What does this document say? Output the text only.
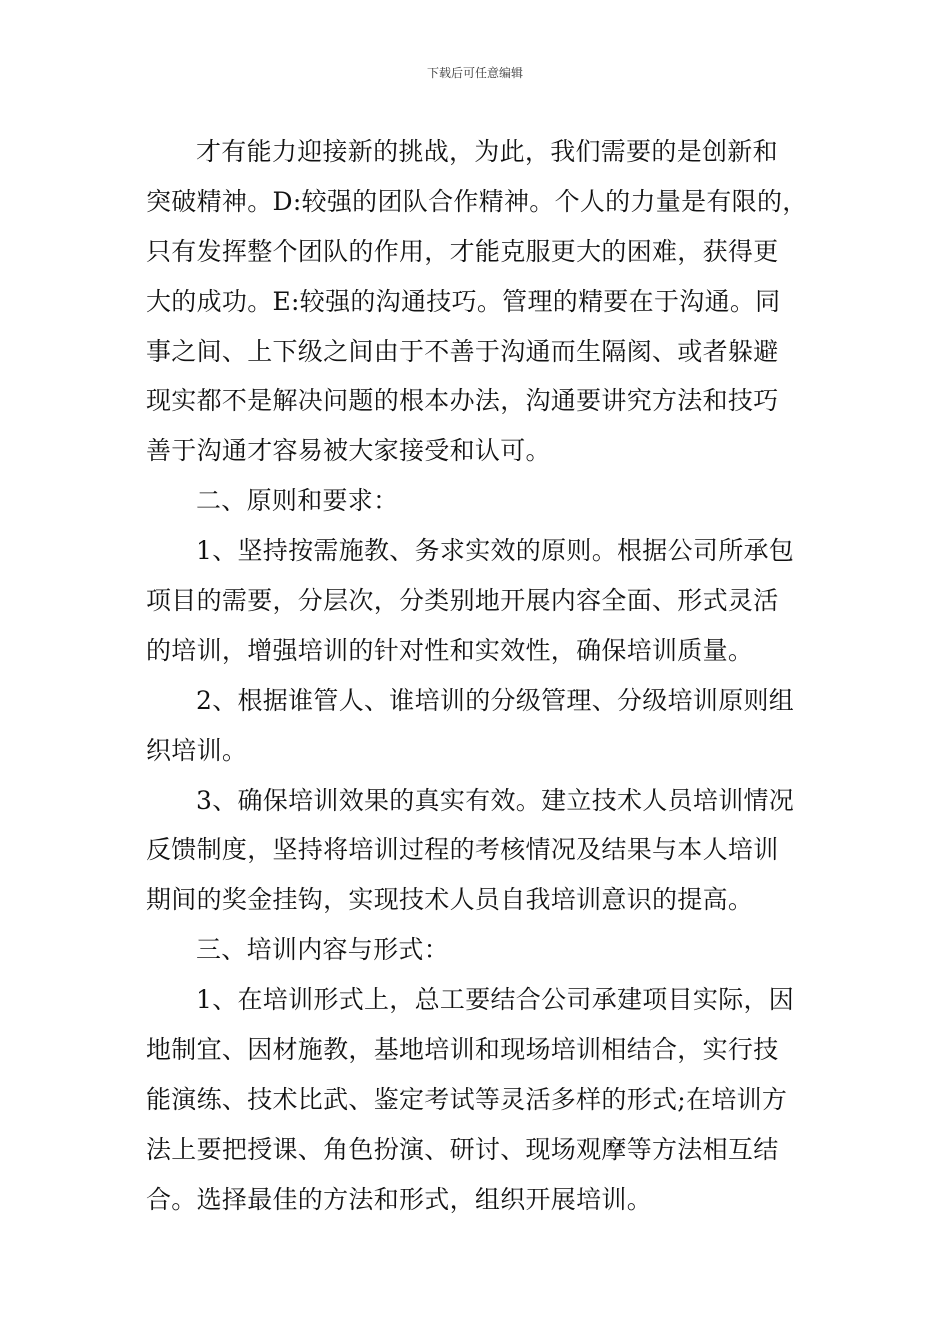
下载后可任意编辑
才有能力迎接新的挑战，为此，我们需要的是创新和
突破精神。D:较强的团队合作精神。个人的力量是有限的，
只有发挥整个团队的作用，才能克服更大的困难，获得更
大的成功。E:较强的沟通技巧。管理的精要在于沟通。同
事之间、上下级之间由于不善于沟通而生隔阂、或者躲避
现实都不是解决问题的根本办法，沟通要讲究方法和技巧
善于沟通才容易被大家接受和认可。
二、原则和要求：
1、坚持按需施教、务求实效的原则。根据公司所承包
项目的需要，分层次，分类别地开展内容全面、形式灵活
的培训，增强培训的针对性和实效性，确保培训质量。
2、根据谁管人、谁培训的分级管理、分级培训原则组
织培训。
3、确保培训效果的真实有效。建立技术人员培训情况
反馈制度，坚持将培训过程的考核情况及结果与本人培训
期间的奖金挂钩，实现技术人员自我培训意识的提高。
三、培训内容与形式：
1、在培训形式上，总工要结合公司承建项目实际，因
地制宜、因材施教，基地培训和现场培训相结合，实行技
能演练、技术比武、鉴定考试等灵活多样的形式;在培训方
法上要把授课、角色扮演、研讨、现场观摩等方法相互结
合。选择最佳的方法和形式，组织开展培训。
